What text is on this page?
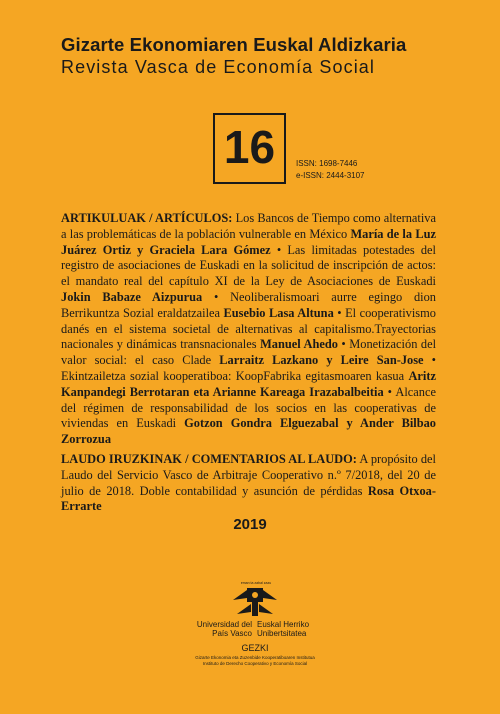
Gizarte Ekonomiaren Euskal Aldizkaria
Revista Vasca de Economía Social
16	ISSN: 1698-7446
e-ISSN: 2444-3107

ARTIKULUAK / ARTÍCULOS: Los Bancos de Tiempo como alternativa a las problemáticas de la población vulnerable en México María de la Luz Juárez Ortiz y Graciela Lara Gómez • Las limitadas potestades del registro de asociaciones de Euskadi en la solicitud de inscripción de actos: el mandato real del capítulo XI de la Ley de Asociaciones de Euskadi Jokin Babaze Aizpurua • Neoliberalismoari aurre egingo dion Berrikuntza Sozial eraldatzailea Eusebio Lasa Altuna • El cooperativismo danés en el sistema societal de alternativas al capitalismo.Trayectorias nacionales y dinámicas transnacionales Manuel Ahedo • Monetización del valor social: el caso Clade Larraitz Lazkano y Leire San-Jose • Ekintzailetza sozial kooperatiboa: KoopFabrika egitasmoaren kasua Aritz Kanpandegi Berrotaran eta Arianne Kareaga Irazabalbeitia • Alcance del régimen de responsabilidad de los socios en las cooperativas de viviendas en Euskadi Gotzon Gondra Elguezabal y Ander Bilbao Zorrozua

LAUDO IRUZKINAK / COMENTARIOS AL LAUDO: A propósito del Laudo del Servicio Vasco de Arbitraje Cooperativo n.º 7/2018, del 20 de julio de 2018. Doble contabilidad y asunción de pérdidas Rosa Otxoa-Errarte

2019
eman ta zabal zazu
Universidad del País Vasco
Euskal Herriko Unibertsitatea
GEZKI
Gizarte Ekonomia eta Zuzenbide Kooperatiboaren Institutua
Instituto de Derecho Cooperativo y Economía Social
